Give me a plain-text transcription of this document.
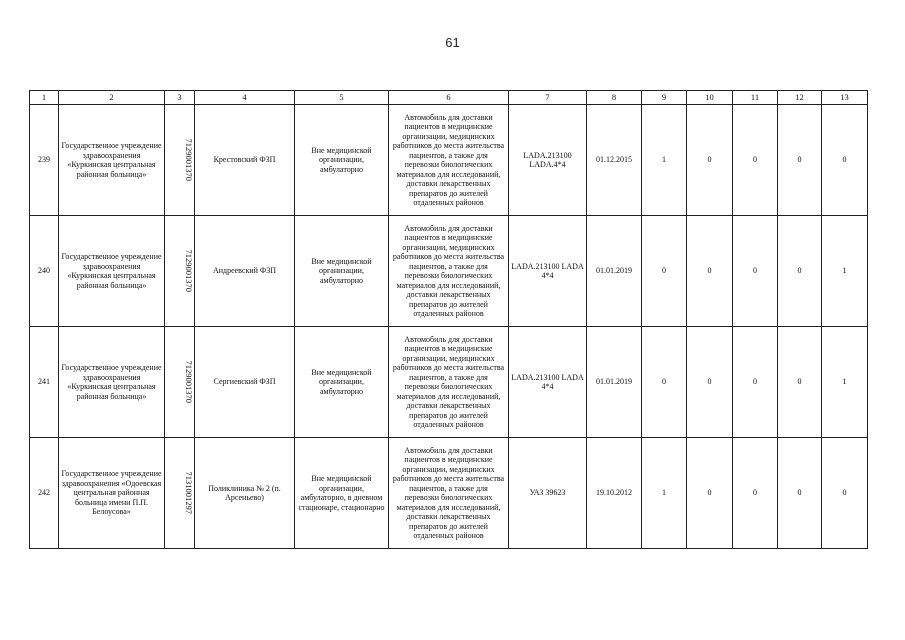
61
1	2	3	4	5	6	7	8	9	10	11	12	13
239	Государственное учреждение здравоохранения «Куркинская центральная районная больница»	7129001370	Крестовский ФЗП	Вне медицинской организации, амбулаторно	Автомобиль для доставки пациентов в медицинские организации, медицинских работников до места жительства пациентов, а также для перевозки биологических материалов для исследований, доставки лекарственных препаратов до жителей отдаленных районов	LADA.213100 LADA.4*4	01.12.2015	1	0	0	0	0
240	Государственное учреждение здравоохранения «Куркинская центральная районная больница»	7129001370	Андреевский ФЗП	Вне медицинской организации, амбулаторно	Автомобиль для доставки пациентов в медицинские организации, медицинских работников до места жительства пациентов, а также для перевозки биологических материалов для исследований, доставки лекарственных препаратов до жителей отдаленных районов	LADA.213100 LADA 4*4	01.01.2019	0	0	0	0	1
241	Государственное учреждение здравоохранения «Куркинская центральная районная больница»	7129001370	Сергиевский ФЗП	Вне медицинской организации, амбулаторно	Автомобиль для доставки пациентов в медицинские организации, медицинских работников до места жительства пациентов, а также для перевозки биологических материалов для исследований, доставки лекарственных препаратов до жителей отдаленных районов	LADA.213100 LADA 4*4	01.01.2019	0	0	0	0	1
242	Государственное учреждение здравоохранения «Одоевская центральная районная больница имени П.П. Белоусова»	7131001297	Поликлиника № 2 (п. Арсеньево)	Вне медицинской организации, амбулаторно, в дневном стационаре, стационарно	Автомобиль для доставки пациентов в медицинские организации, медицинских работников до места жительства пациентов, а также для перевозки биологических материалов для исследований, доставки лекарственных препаратов до жителей отдаленных районов	УАЗ 39623	19.10.2012	1	0	0	0	0
